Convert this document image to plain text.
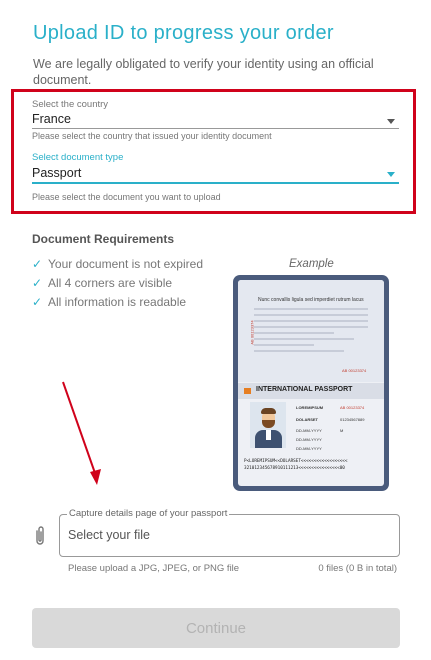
Upload ID to progress your order
We are legally obligated to verify your identity using an official document.
Select the country
France
Please select the country that issued your identity document
Select document type
Passport
Please select the document you want to upload
Document Requirements
✓ Your document is not expired
✓ All 4 corners are visible
✓ All information is readable
Example
Nunc convallis ligula sed imperdiet rutrum lacus
AB 00123374
AB 00123374
INTERNATIONAL PASSPORT
LOREMIPSUM
DOLARSET
DD-MM-YYYY
DD-MM-YYYY
DD-MM-YYYY
AB 00123374
01234567889
M
P<LOREMIPSUM<<DOLARSET<<<<<<<<<<<<<<<<<<
321012345678910111213<<<<<<<<<<<<<<<<00
Capture details page of your passport
Select your file
Please upload a JPG, JPEG, or PNG file	0 files (0 B in total)
Continue
